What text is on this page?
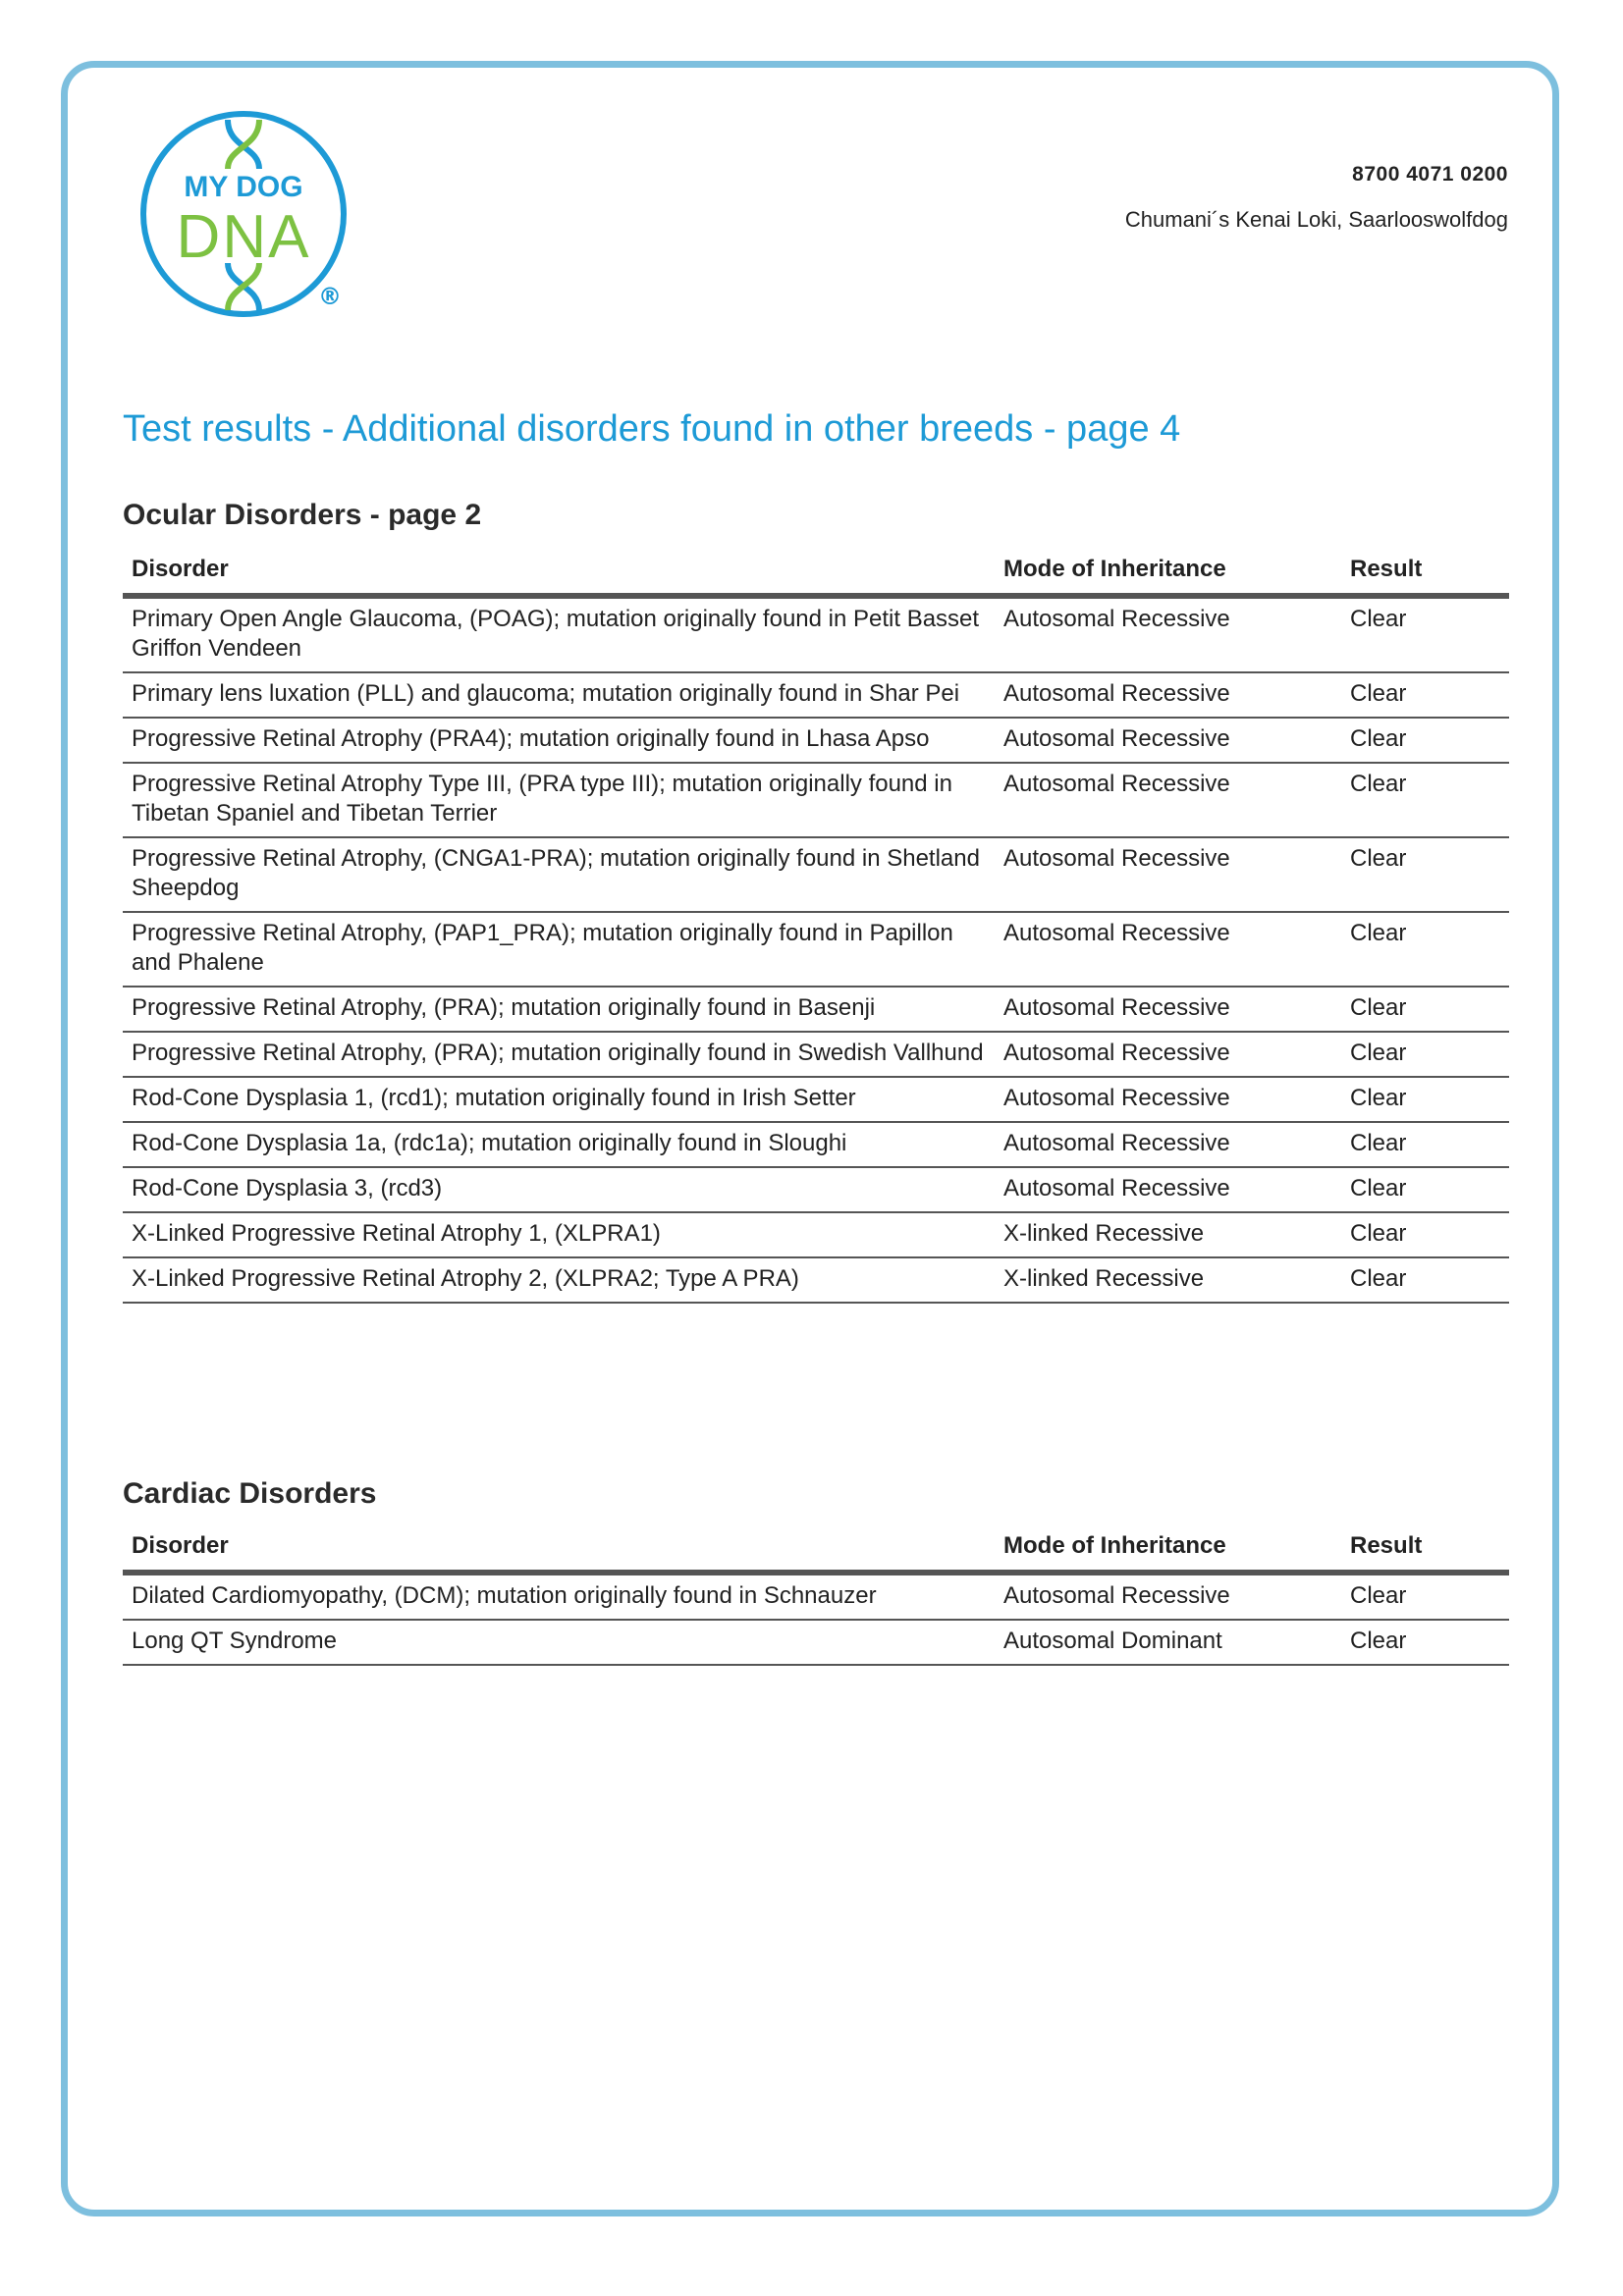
MY DOG
DNA
®
8700 4071 0200
Chumani´s Kenai Loki, Saarlooswolfdog
Test results - Additional disorders found in other breeds - page 4
Ocular Disorders - page 2
Disorder	Mode of Inheritance	Result
Primary Open Angle Glaucoma, (POAG); mutation originally found in Petit Basset Griffon Vendeen	Autosomal Recessive	Clear
Primary lens luxation (PLL) and glaucoma; mutation originally found in Shar Pei	Autosomal Recessive	Clear
Progressive Retinal Atrophy (PRA4); mutation originally found in Lhasa Apso	Autosomal Recessive	Clear
Progressive Retinal Atrophy Type III, (PRA type III); mutation originally found in Tibetan Spaniel and Tibetan Terrier	Autosomal Recessive	Clear
Progressive Retinal Atrophy, (CNGA1-PRA); mutation originally found in Shetland Sheepdog	Autosomal Recessive	Clear
Progressive Retinal Atrophy, (PAP1_PRA); mutation originally found in Papillon and Phalene	Autosomal Recessive	Clear
Progressive Retinal Atrophy, (PRA); mutation originally found in Basenji	Autosomal Recessive	Clear
Progressive Retinal Atrophy, (PRA); mutation originally found in Swedish Vallhund	Autosomal Recessive	Clear
Rod-Cone Dysplasia 1, (rcd1); mutation originally found in Irish Setter	Autosomal Recessive	Clear
Rod-Cone Dysplasia 1a, (rdc1a); mutation originally found in Sloughi	Autosomal Recessive	Clear
Rod-Cone Dysplasia 3, (rcd3)	Autosomal Recessive	Clear
X-Linked Progressive Retinal Atrophy 1, (XLPRA1)	X-linked Recessive	Clear
X-Linked Progressive Retinal Atrophy 2, (XLPRA2; Type A PRA)	X-linked Recessive	Clear
Cardiac Disorders
Disorder	Mode of Inheritance	Result
Dilated Cardiomyopathy, (DCM); mutation originally found in Schnauzer	Autosomal Recessive	Clear
Long QT Syndrome	Autosomal Dominant	Clear
